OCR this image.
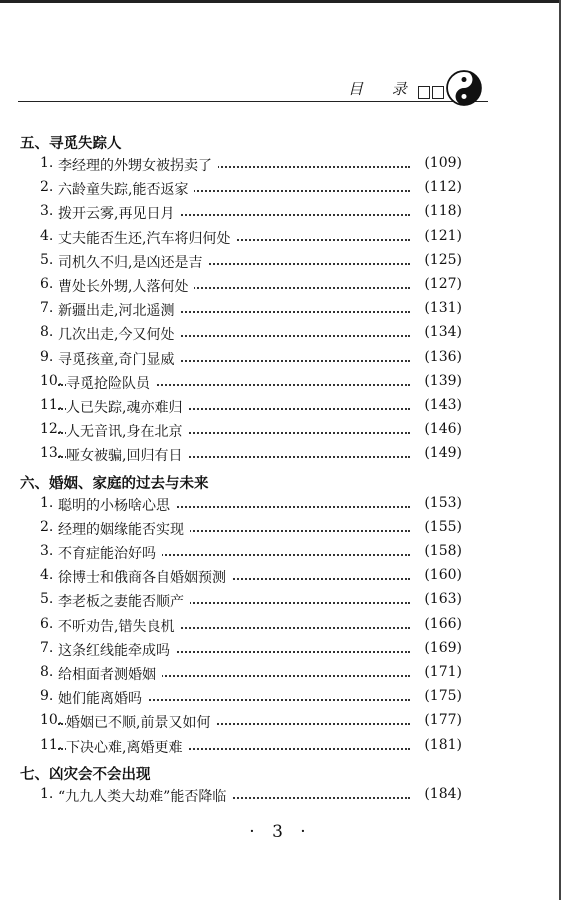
目 录
五、寻觅失踪人
1. 李经理的外甥女被拐卖了	(109)
2. 六龄童失踪,能否返家	(112)
3. 拨开云雾,再见日月	(118)
4. 丈夫能否生还,汽车将归何处	(121)
5. 司机久不归,是凶还是吉	(125)
6. 曹处长外甥,人落何处	(127)
7. 新疆出走,河北遥测	(131)
8. 几次出走,今又何处	(134)
9. 寻觅孩童,奇门显威	(136)
10. 寻觅抢险队员	(139)
11. 人已失踪,魂亦难归	(143)
12. 人无音讯,身在北京	(146)
13. 哑女被骗,回归有日	(149)
六、婚姻、家庭的过去与未来
1. 聪明的小杨啥心思	(153)
2. 经理的姻缘能否实现	(155)
3. 不育症能治好吗	(158)
4. 徐博士和俄商各自婚姻预测	(160)
5. 李老板之妻能否顺产	(163)
6. 不听劝告,错失良机	(166)
7. 这条红线能牵成吗	(169)
8. 给相面者测婚姻	(171)
9. 她们能离婚吗	(175)
10. 婚姻已不顺,前景又如何	(177)
11. 下决心难,离婚更难	(181)
七、凶灾会不会出现
1. “九九人类大劫难”能否降临	(184)
· 3 ·
